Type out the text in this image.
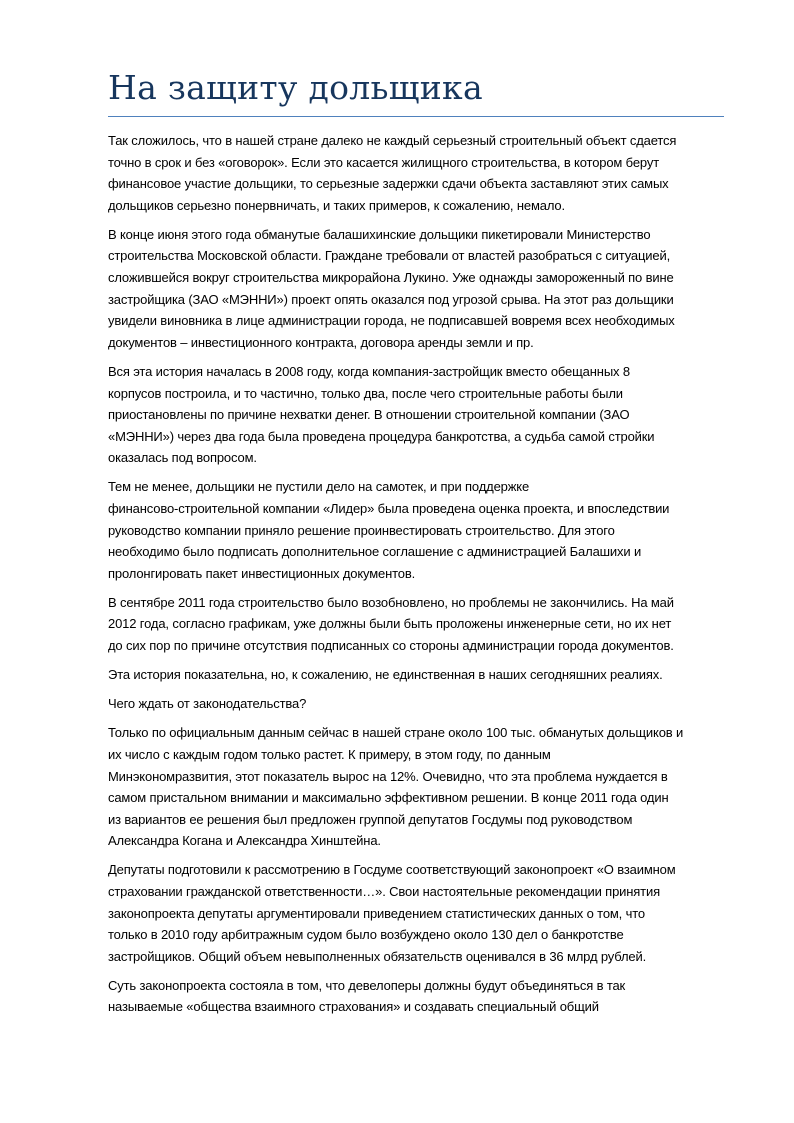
На защиту дольщика

Так сложилось, что в нашей стране далеко не каждый серьезный строительный объект сдается
точно в срок и без «оговорок». Если это касается жилищного строительства, в котором берут
финансовое участие дольщики, то серьезные задержки сдачи объекта заставляют этих самых
дольщиков серьезно понервничать, и таких примеров, к сожалению, немало.

В конце июня этого года обманутые балашихинские дольщики пикетировали Министерство
строительства Московской области. Граждане требовали от властей разобраться с ситуацией,
сложившейся вокруг строительства микрорайона Лукино. Уже однажды замороженный по вине
застройщика (ЗАО «МЭННИ») проект опять оказался под угрозой срыва. На этот раз дольщики
увидели виновника в лице администрации города, не подписавшей вовремя всех необходимых
документов – инвестиционного контракта, договора аренды земли и пр.

Вся эта история началась в 2008 году, когда компания-застройщик вместо обещанных 8
корпусов построила, и то частично, только два, после чего строительные работы были
приостановлены по причине нехватки денег. В отношении строительной компании (ЗАО
«МЭННИ») через два года была проведена процедура банкротства, а судьба самой стройки
оказалась под вопросом.

Тем не менее, дольщики не пустили дело на самотек, и при поддержке
финансово-строительной компании «Лидер» была проведена оценка проекта, и впоследствии
руководство компании приняло решение проинвестировать строительство. Для этого
необходимо было подписать дополнительное соглашение с администрацией Балашихи и
пролонгировать пакет инвестиционных документов.

В сентябре 2011 года строительство было возобновлено, но проблемы не закончились. На май
2012 года, согласно графикам, уже должны были быть проложены инженерные сети, но их нет
до сих пор по причине отсутствия подписанных со стороны администрации города документов.

Эта история показательна, но, к сожалению, не единственная в наших сегодняшних реалиях.

Чего ждать от законодательства?

Только по официальным данным сейчас в нашей стране около 100 тыс. обманутых дольщиков и
их число с каждым годом только растет. К примеру, в этом году, по данным
Минэкономразвития, этот показатель вырос на 12%. Очевидно, что эта проблема нуждается в
самом пристальном внимании и максимально эффективном решении. В конце 2011 года один
из вариантов ее решения был предложен группой депутатов Госдумы под руководством
Александра Когана и Александра Хинштейна.

Депутаты подготовили к рассмотрению в Госдуме соответствующий законопроект «О взаимном
страховании гражданской ответственности…». Свои настоятельные рекомендации принятия
законопроекта депутаты аргументировали приведением статистических данных о том, что
только в 2010 году арбитражным судом было возбуждено около 130 дел о банкротстве
застройщиков. Общий объем невыполненных обязательств оценивался в 36 млрд рублей.

Суть законопроекта состояла в том, что девелоперы должны будут объединяться в так
называемые «общества взаимного страхования» и создавать специальный общий
